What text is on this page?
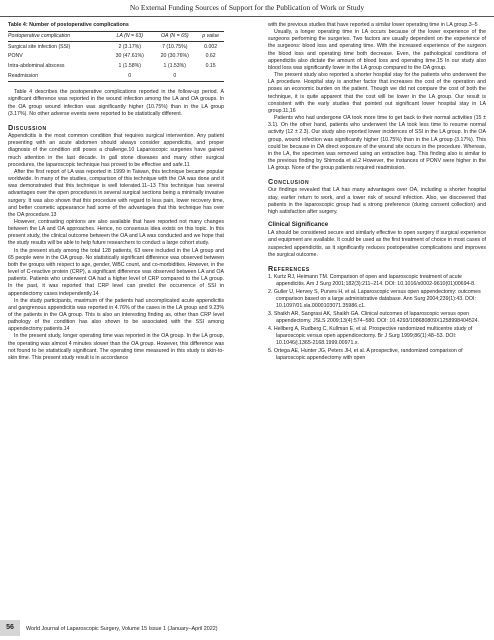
No External Funding Sources of Support for the Publication of Work or Study
Table 4: Number of postoperative complications
Postoperative complication	LA (N = 63)	OA (N = 65)	p value
Surgical site infection (SSI)	2 (3.17%)	7 (10.75%)	0.002
PONV	30 (47.61%)	20 (30.76%)	0.62
Intra-abdominal abscess	1 (1.58%)	1 (1.53%)	0.15
Readmission	0	0	

Table 4 describes the postoperative complications reported in the follow-up period. A significant difference was reported in the wound infection among the LA and OA groups. In the OA group wound infection was significantly higher (10.75%) than in the LA group (3.17%). No other adverse events were reported to be statistically different.

Discussion

Appendicitis is the most common condition that requires surgical intervention. Any patient presenting with an acute abdomen should always consider appendicitis, and proper diagnosis of the condition still poses a challenge.10 Laparoscopic surgeries have gained much attention in the last decade. In gall stone diseases and many other surgical procedures, the laparoscopic technique has proved to be effective and safe.11

After the first report of LA was reported in 1999 in Taiwan, this technique became popular worldwide. In many of the studies, comparison of this technique with the OA was done and it was demonstrated that this technique is well tolerated.11–13 This technique has several advantages over the open procedures in several surgical sections being a minimally invasive surgery. It was also shown that this procedure with regard to less pain, lower recovery time, and better cosmetic appearance had some of the advantages that this technique has over the OA procedure.13

However, contrasting opinions are also available that have reported not many changes between the LA and OA approaches. Hence, no consensus idea exists on this topic. In this present study, the clinical outcome between the OA and LA was conducted and we hope that the study results will be able to help future researchers to conduct a large cohort study.

In the present study among the total 128 patients, 63 were included in the LA group and 65 people were in the OA group. No statistically significant difference was observed between both the groups with respect to age, gender, WBC count, and co-morbidities. However, in the level of C-reactive protein (CRP), a significant difference was observed between LA and OA patients. Patients who underwent OA had a higher level of CRP compared to the LA group. In the past, it was reported that CRP level can predict the occurrence of SSI in appendectomy cases independently.14

In the study participants, maximum of the patients had uncomplicated acute appendicitis and gangrenous appendicitis was reported in 4.76% of the cases in the LA group and 9.23% of the patients in the OA group. This is also an interesting finding as, other than CRP level pathology of the condition has also shown to be associated with the SSI among appendectomy patients.14

In the present study, longer operating time was reported in the OA group. In the LA group, the operating was almost 4 minutes slower than the OA group. However, this difference was not found to be statistically significant. The operating time measured in this study is skin-to-skin time. This present study result is in accordance

with the previous studies that have reported a similar lower operating time in LA group.3–5

Usually, a longer operating time in LA occurs because of the lower experience of the surgeons performing the surgeries. Two factors are usually dependent on the experience of the surgeons: blood loss and operating time. With the increased experience of the surgeon the blood loss and operating time both decrease. Even, the pathological conditions of appendicitis also dictate the amount of blood loss and operating time.15 In our study also blood loss was significantly lower in the LA group compared to the OA group.

The present study also reported a shorter hospital stay for the patients who underwent the LA procedure. Hospital stay is another factor that increases the cost of the operation and poses an economic burden on the patient. Though we did not compare the cost of both the technique, it is quite apparent that the cost will be lower in the LA group. Our result is consistent with the early studies that pointed out significant lower hospital stay in LA group.11,16

Patients who had undergone OA took more time to get back to their normal activities (15 ± 3.1). On the other hand, patients who underwent the LA took less time to resume normal activity (12 ± 2.3). Our study also reported lower incidences of SSI in the LA group. In the OA group, wound infection was significantly higher (10.75%) than in the LA group (3.17%). This could be because in OA direct exposure of the wound site occurs in the procedure. Whereas, in the LA, the specimen was removed using an extraction bag. This finding also is similar to the previous finding by Shimoda et al.2 However, the instances of PONV were higher in the LA group. None of the group patients required readmission.

Conclusion

Our findings revealed that LA has many advantages over OA, including a shorter hospital stay, earlier return to work, and a lower risk of wound infection. Also, we discovered that patients in the laparoscopic group had a strong preference (during consent collection) and high satisfaction after surgery.

Clinical Significance

LA should be considered secure and similarly effective to open surgery if surgical experience and equipment are available. It could be used as the first treatment of choice in most cases of suspected appendicitis, as it significantly reduces postoperative complications and improves the surgical outcome.

References
1. Kurtz RJ, Heimann TM. Comparison of open and laparoscopic treatment of acute appendicitis. Am J Surg 2001;182(3):211–214. DOI: 10.1016/s0002-9610(01)00694-8.
2. Guller U, Hervey S, Purves H, et al. Laparoscopic versus open appendectomy: outcomes comparison based on a large administrative database. Ann Surg 2004;239(1):43. DOI: 10.1097/01.sla.0000103071.35986.c1.
3. Shaikh AR, Sangrasi AK, Shaikh GA. Clinical outcomes of laparoscopic versus open appendectomy. JSLS 2009;13(4):574–580. DOI: 10.4293/108680809X1258998404524.
4. Hellberg A, Rudberg C, Kullman E, et al. Prospective randomized multicentre study of laparoscopic versus open appendicectomy. Br J Surg 1999;86(1):48–53. DOI: 10.1046/j.1365-2168.1999.00971.x.
5. Ortega AE, Hunter JG, Peters JH, et al. A prospective, randomized comparison of laparoscopic appendectomy with open
56	World Journal of Laparoscopic Surgery, Volume 15 Issue 1 (January–April 2022)
